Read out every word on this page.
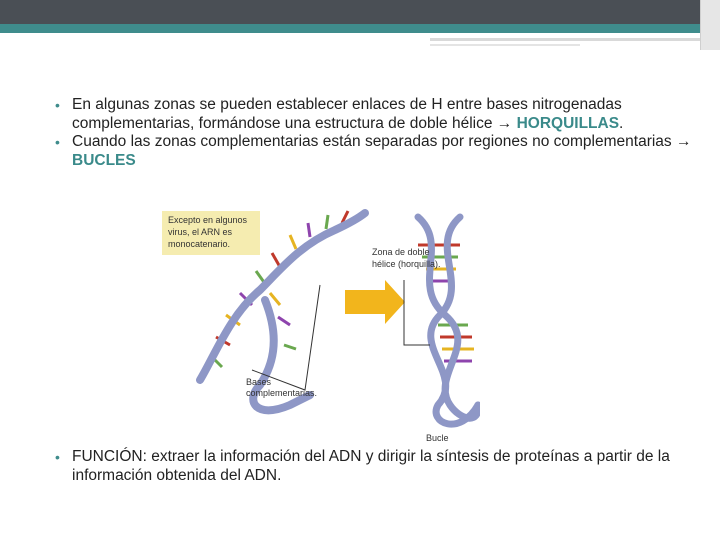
• En algunas zonas se pueden establecer enlaces de H entre bases nitrogenadas complementarias, formándose una estructura de doble hélice → HORQUILLAS.
• Cuando las zonas complementarias están separadas por regiones no complementarias → BUCLES
Excepto en algunos
virus, el ARN es
monocatenario.
Bases
complementarias.
Zona de doble
hélice (horquilla).
Bucle
• FUNCIÓN: extraer la información del ADN y dirigir la síntesis de proteínas a partir de la información obtenida del ADN.
